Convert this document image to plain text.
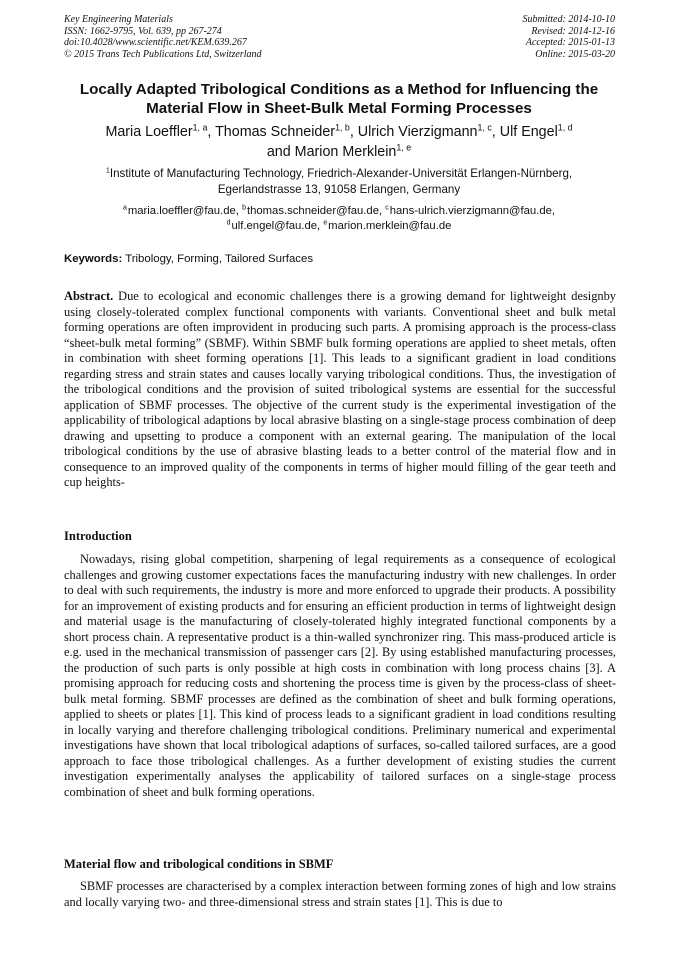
Key Engineering Materials
ISSN: 1662-9795, Vol. 639, pp 267-274
doi:10.4028/www.scientific.net/KEM.639.267
© 2015 Trans Tech Publications Ltd, Switzerland
Submitted: 2014-10-10
Revised: 2014-12-16
Accepted: 2015-01-13
Online: 2015-03-20
Locally Adapted Tribological Conditions as a Method for Influencing the
Material Flow in Sheet-Bulk Metal Forming Processes
Maria Loeffler$^{1, a}$, Thomas Schneider$^{1, b}$, Ulrich Vierzigmann$^{1, c}$, Ulf Engel$^{1, d}$
and Marion Merklein$^{1, e}$
$^1$Institute of Manufacturing Technology, Friedrich-Alexander-Universität Erlangen-Nürnberg,
Egerlandstrasse 13, 91058 Erlangen, Germany
$^a$ maria.loeffler@fau.de, $^b$ thomas.schneider@fau.de, $^c$ hans-ulrich.vierzigmann@fau.de,
$^d$ ulf.engel@fau.de, $^e$ marion.merklein@fau.de
Keywords: Tribology, Forming, Tailored Surfaces
Abstract. Due to ecological and economic challenges there is a growing demand for lightweight designby using closely-tolerated complex functional components with variants. Conventional sheet and bulk metal forming operations are often improvident in producing such parts. A promising approach is the process-class “sheet-bulk metal forming” (SBMF). Within SBMF bulk forming operations are applied to sheet metals, often in combination with sheet forming operations [1]. This leads to a significant gradient in load conditions regarding stress and strain states and causes locally varying tribological conditions. Thus, the investigation of the tribological conditions and the provision of suited tribological systems are essential for the successful application of SBMF processes. The objective of the current study is the experimental investigation of the applicability of tribological adaptions by local abrasive blasting on a single-stage process combination of deep drawing and upsetting to produce a component with an external gearing. The manipulation of the local tribological conditions by the use of abrasive blasting leads to a better control of the material flow and in consequence to an improved quality of the components in terms of higher mould filling of the gear teeth and cup heights-
Introduction
Nowadays, rising global competition, sharpening of legal requirements as a consequence of ecological challenges and growing customer expectations faces the manufacturing industry with new challenges. In order to deal with such requirements, the industry is more and more enforced to upgrade their products. A possibility for an improvement of existing products and for ensuring an efficient production in terms of lightweight design and material usage is the manufacturing of closely-tolerated highly integrated functional components by a short process chain. A representative product is a thin-walled synchronizer ring. This mass-produced article is e.g. used in the mechanical transmission of passenger cars [2]. By using established manufacturing processes, the production of such parts is only possible at high costs in combination with long process chains [3]. A promising approach for reducing costs and shortening the process time is given by the process-class of sheet-bulk metal forming. SBMF processes are defined as the combination of sheet and bulk forming operations, applied to sheets or plates [1]. This kind of process leads to a significant gradient in load conditions resulting in locally varying and therefore challenging tribological conditions. Preliminary numerical and experimental investigations have shown that local tribological adaptions of surfaces, so-called tailored surfaces, are a good approach to face those tribological challenges. As a further development of existing studies the current investigation experimentally analyses the applicability of tailored surfaces on a single-stage process combination of sheet and bulk forming operations.
Material flow and tribological conditions in SBMF
SBMF processes are characterised by a complex interaction between forming zones of high and low strains and locally varying two- and three-dimensional stress and strain states [1]. This is due to
